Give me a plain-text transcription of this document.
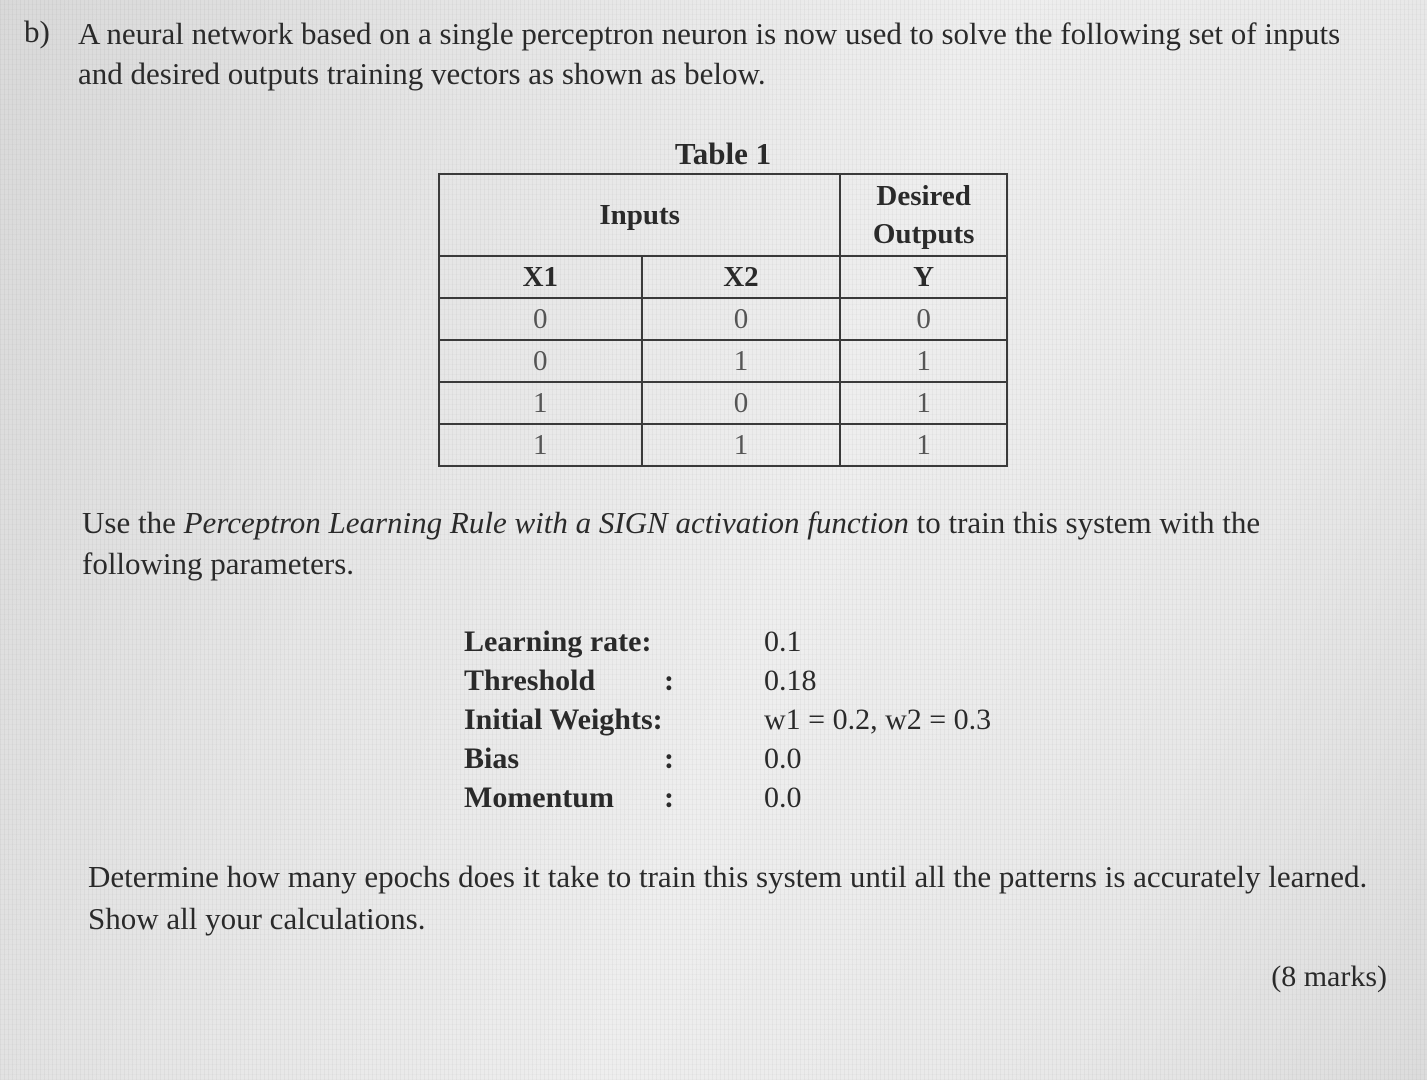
b) A neural network based on a single perceptron neuron is now used to solve the following set of inputs and desired outputs training vectors as shown as below.
Table 1
Inputs		Desired
Outputs
X1	X2	Y
0	0	0
0	1	1
1	0	1
1	1	1
Use the Perceptron Learning Rule with a SIGN activation function to train this system with the following parameters.
Learning rate:	0.1
Threshold :	0.18
Initial Weights:	w1 = 0.2, w2 = 0.3
Bias	:	0.0
Momentum :	0.0
Determine how many epochs does it take to train this system until all the patterns is accurately learned. Show all your calculations.
(8 marks)
